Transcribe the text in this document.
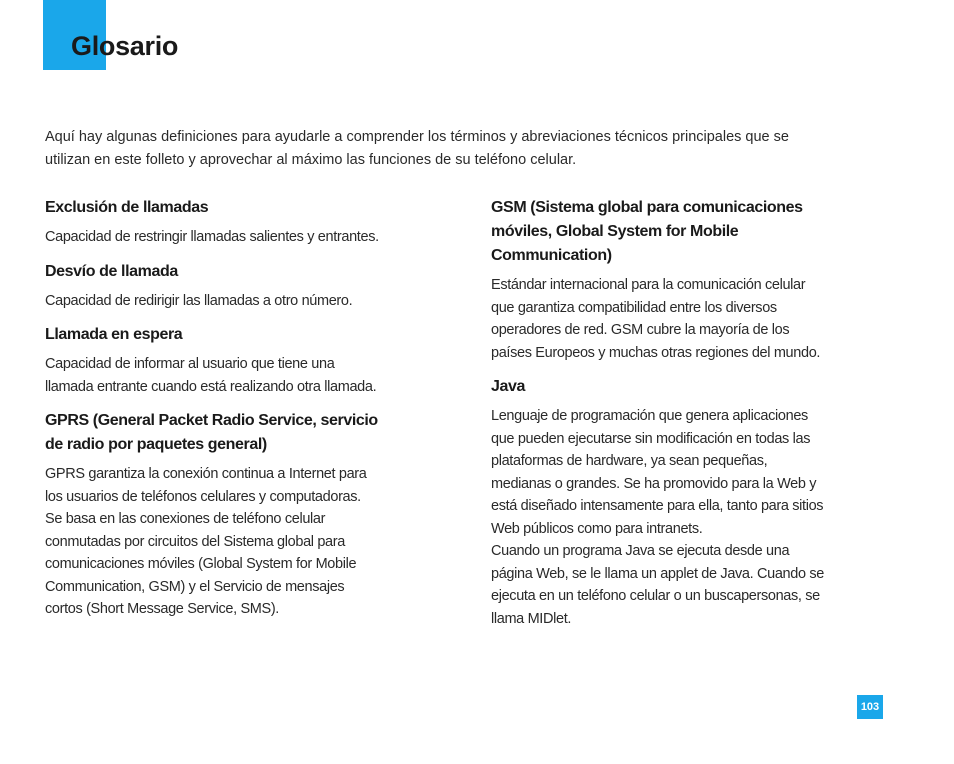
Glosario
Aquí hay algunas definiciones para ayudarle a comprender los términos y abreviaciones técnicos principales que se
utilizan en este folleto y aprovechar al máximo las funciones de su teléfono celular.

Exclusión de llamadas

Capacidad de restringir llamadas salientes y entrantes.

Desvío de llamada

Capacidad de redirigir las llamadas a otro número.

Llamada en espera

Capacidad de informar al usuario que tiene una
llamada entrante cuando está realizando otra llamada.
GPRS (General Packet Radio Service, servicio
de radio por paquetes general)
GPRS garantiza la conexión continua a Internet para
los usuarios de teléfonos celulares y computadoras.
Se basa en las conexiones de teléfono celular
conmutadas por circuitos del Sistema global para
comunicaciones móviles (Global System for Mobile
Communication, GSM) y el Servicio de mensajes
cortos (Short Message Service, SMS).
GSM (Sistema global para comunicaciones
móviles, Global System for Mobile
Communication)
Estándar internacional para la comunicación celular
que garantiza compatibilidad entre los diversos
operadores de red. GSM cubre la mayoría de los
países Europeos y muchas otras regiones del mundo.

Java

Lenguaje de programación que genera aplicaciones
que pueden ejecutarse sin modificación en todas las
plataformas de hardware, ya sean pequeñas,
medianas o grandes. Se ha promovido para la Web y
está diseñado intensamente para ella, tanto para sitios
Web públicos como para intranets.
Cuando un programa Java se ejecuta desde una
página Web, se le llama un applet de Java. Cuando se
ejecuta en un teléfono celular o un buscapersonas, se
llama MIDlet.
103
